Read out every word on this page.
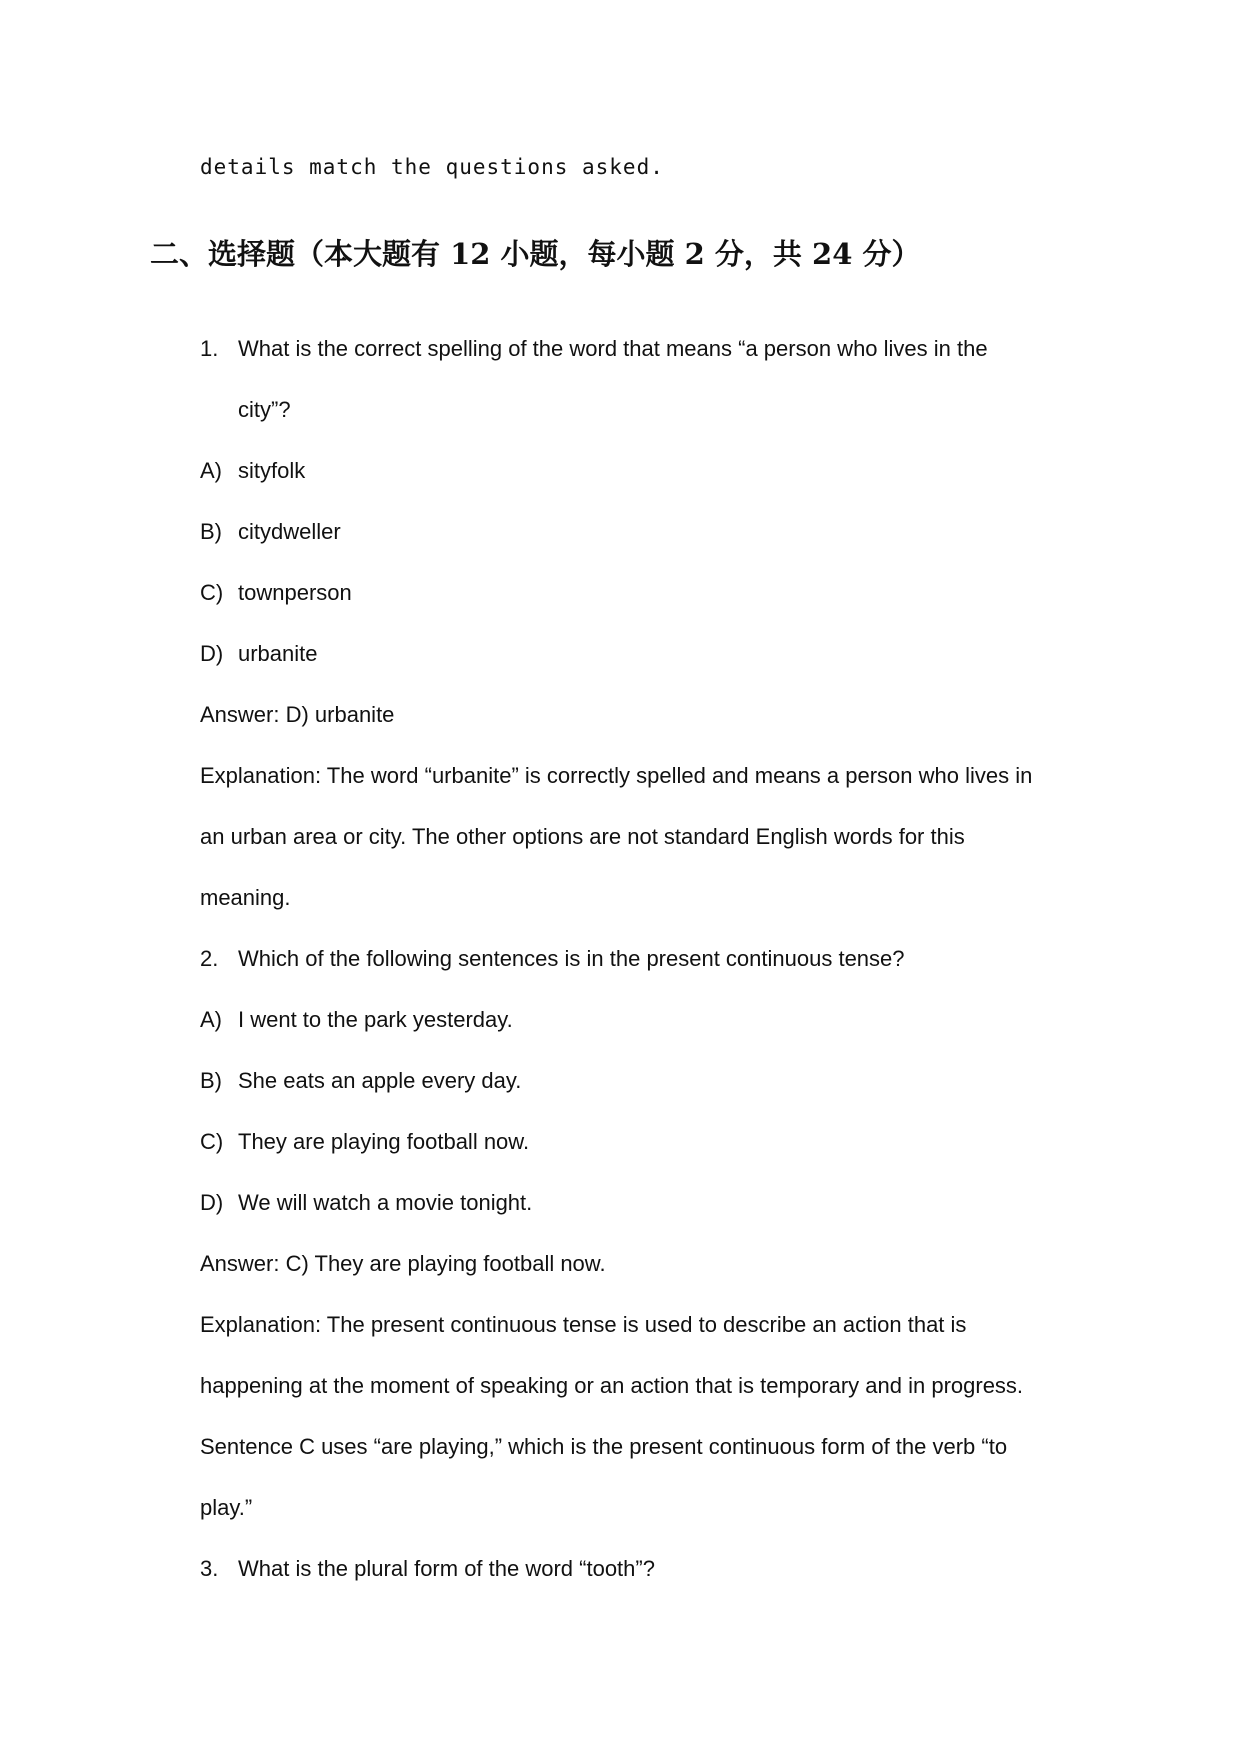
details match the questions asked.
二、选择题（本大题有 12 小题，每小题 2 分，共 24 分）
1. What is the correct spelling of the word that means “a person who lives in the
city”?
A) sityfolk
B) citydweller
C) townperson
D) urbanite
Answer: D) urbanite
Explanation: The word “urbanite” is correctly spelled and means a person who lives in
an urban area or city. The other options are not standard English words for this
meaning.
2. Which of the following sentences is in the present continuous tense?
A) I went to the park yesterday.
B) She eats an apple every day.
C) They are playing football now.
D) We will watch a movie tonight.
Answer: C) They are playing football now.
Explanation: The present continuous tense is used to describe an action that is
happening at the moment of speaking or an action that is temporary and in progress.
Sentence C uses “are playing,” which is the present continuous form of the verb “to
play.”
3. What is the plural form of the word “tooth”?
